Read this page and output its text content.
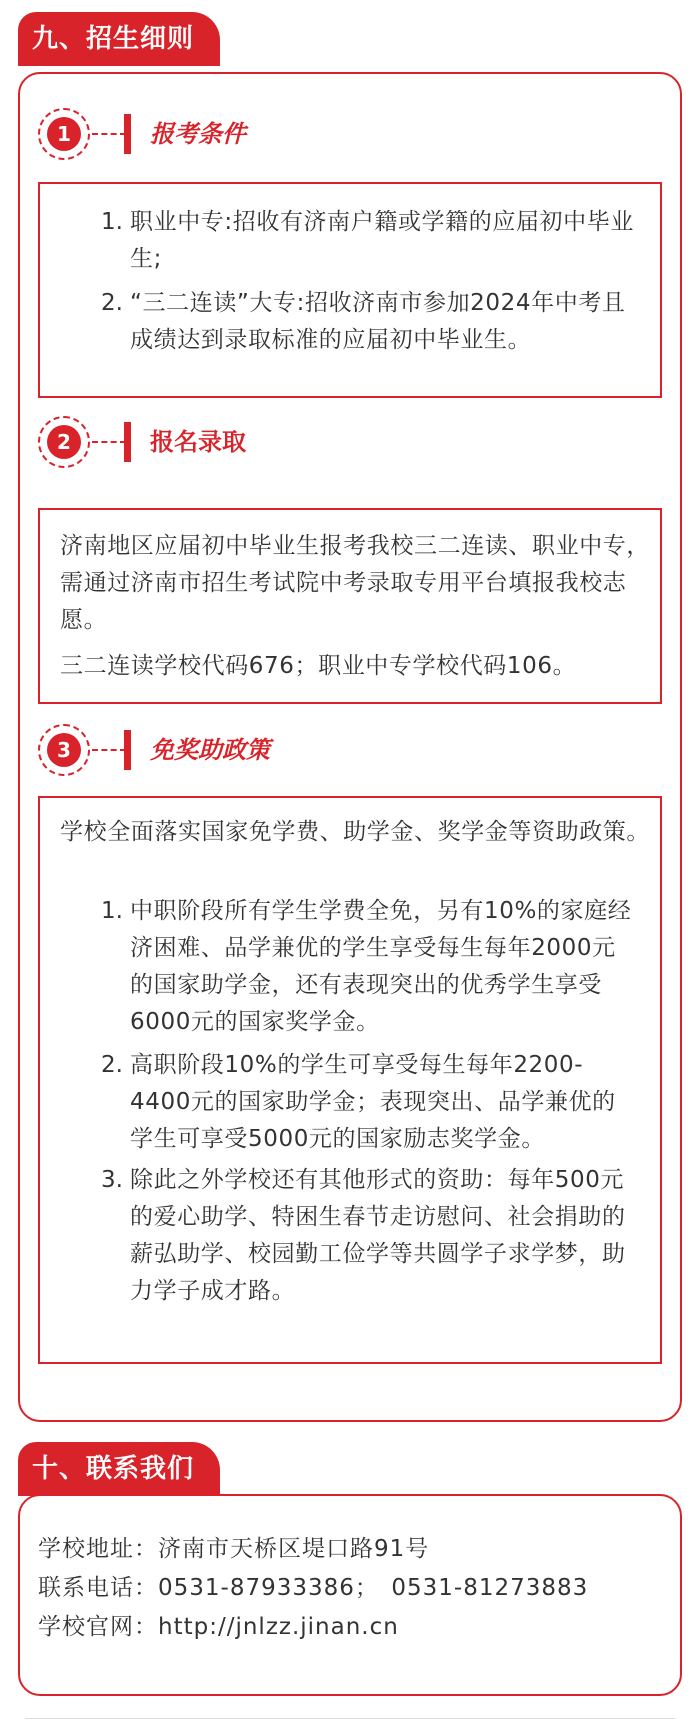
九、招生细则
1	报考条件
1. 职业中专:招收有济南户籍或学籍的应届初中毕业生;
2. “三二连读”大专:招收济南市参加2024年中考且成绩达到录取标准的应届初中毕业生。
2	报名录取
济南地区应届初中毕业生报考我校三二连读、职业中专，需通过济南市招生考试院中考录取专用平台填报我校志愿。
三二连读学校代码676；职业中专学校代码106。
3	免奖助政策
学校全面落实国家免学费、助学金、奖学金等资助政策。
1. 中职阶段所有学生学费全免，另有10%的家庭经济困难、品学兼优的学生享受每生每年2000元的国家助学金，还有表现突出的优秀学生享受6000元的国家奖学金。
2. 高职阶段10%的学生可享受每生每年2200-4400元的国家助学金；表现突出、品学兼优的学生可享受5000元的国家励志奖学金。
3. 除此之外学校还有其他形式的资助：每年500元的爱心助学、特困生春节走访慰问、社会捐助的薪弘助学、校园勤工俭学等共圆学子求学梦，助力学子成才路。
十、联系我们
学校地址：济南市天桥区堤口路91号
联系电话：0531-87933386；　0531-81273883
学校官网：http://jnlzz.jinan.cn
